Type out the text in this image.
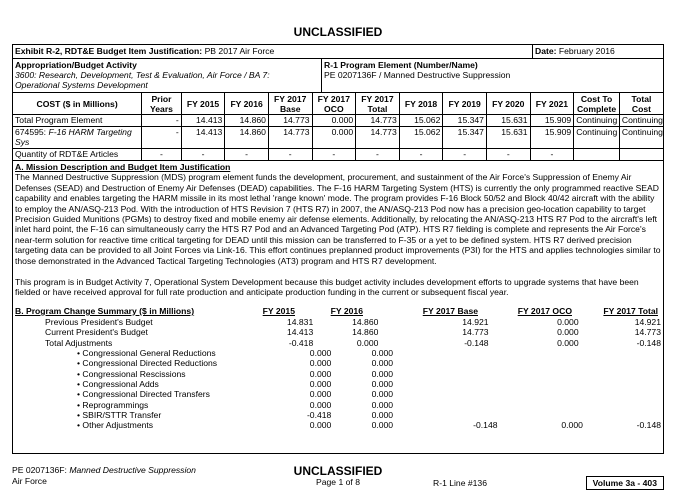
UNCLASSIFIED
Exhibit R-2, RDT&E Budget Item Justification: PB 2017 Air Force	Date: February 2016
Appropriation/Budget Activity
3600: Research, Development, Test & Evaluation, Air Force / BA 7:
Operational Systems Development
R-1 Program Element (Number/Name)
PE 0207136F / Manned Destructive Suppression
COST ($ in Millions)	Prior Years	FY 2015	FY 2016	FY 2017 Base	FY 2017 OCO	FY 2017 Total	FY 2018	FY 2019	FY 2020	FY 2021	Cost To Complete	Total Cost
Total Program Element	-	14.413	14.860	14.773	0.000	14.773	15.062	15.347	15.631	15.909	Continuing	Continuing
674595: F-16 HARM Targeting Sys	-	14.413	14.860	14.773	0.000	14.773	15.062	15.347	15.631	15.909	Continuing	Continuing
Quantity of RDT&E Articles	-	-	-	-	-	-	-	-	-	-		
A. Mission Description and Budget Item Justification

The Manned Destructive Suppression (MDS) program element funds the development, procurement, and sustainment of the Air Force's Suppression of Enemy Air Defenses (SEAD) and Destruction of Enemy Air Defenses (DEAD) capabilities. The F-16 HARM Targeting System (HTS) is currently the only programmed reactive SEAD capability and enables targeting the HARM missile in its most lethal 'range known' mode. The program provides F-16 Block 50/52 and Block 40/42 aircraft with the ability to employ the AN/ASQ-213 Pod. With the introduction of HTS Revision 7 (HTS R7) in 2007, the AN/ASQ-213 Pod now has a precision geo-location capability to target Precision Guided Munitions (PGMs) to destroy fixed and mobile enemy air defense elements. Additionally, by relocating the AN/ASQ-213 HTS R7 Pod to the aircraft's left inlet hard point, the F-16 can simultaneously carry the HTS R7 Pod and an Advanced Targeting Pod (ATP). HTS R7 fielding is complete and represents the Air Force's near-term solution for reactive time critical targeting for DEAD until this mission can be transferred to F-35 or a yet to be defined system. HTS R7 derived precision targeting data can be provided to all Joint Forces via Link-16. This effort continues preplanned product improvements (P3I) for the HTS and applies technologies similar to those demonstrated in the Advanced Tactical Targeting Technologies (AT3) program and HTS R7 development.

This program is in Budget Activity 7, Operational System Development because this budget activity includes development efforts to upgrade systems that have been fielded or have received approval for full rate production and anticipate production funding in the current or subsequent fiscal year.

B. Program Change Summary ($ in Millions)	FY 2015	FY 2016	FY 2017 Base	FY 2017 OCO	FY 2017 Total
Previous President's Budget	14.831	14.860	14.921	0.000	14.921
Current President's Budget	14.413	14.860	14.773	0.000	14.773
Total Adjustments	-0.418	0.000	-0.148	0.000	-0.148
• Congressional General Reductions	0.000	0.000
• Congressional Directed Reductions	0.000	0.000
• Congressional Rescissions	0.000	0.000
• Congressional Adds	0.000	0.000
• Congressional Directed Transfers	0.000	0.000
• Reprogrammings	0.000	0.000
• SBIR/STTR Transfer	-0.418	0.000
• Other Adjustments	0.000	0.000	-0.148	0.000	-0.148
PE 0207136F: Manned Destructive Suppression
Air Force
UNCLASSIFIED
Page 1 of 8	R-1 Line #136	Volume 3a - 403
